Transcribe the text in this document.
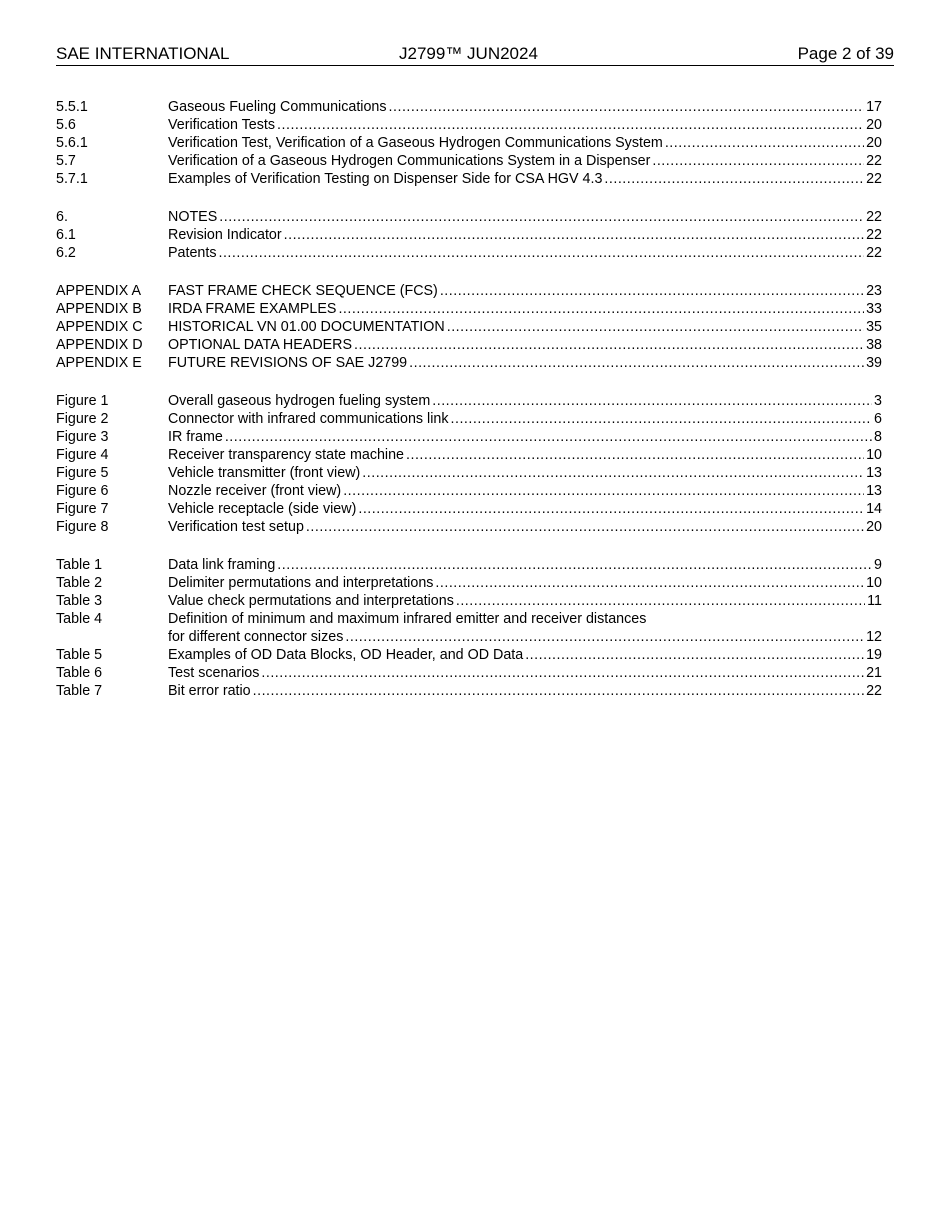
SAE INTERNATIONAL	J2799™ JUN2024	Page 2 of 39
5.5.1	Gaseous Fueling Communications .....	17
5.6	Verification Tests .....	20
5.6.1	Verification Test, Verification of a Gaseous Hydrogen Communications System .....	20
5.7	Verification of a Gaseous Hydrogen Communications System in a Dispenser .....	22
5.7.1	Examples of Verification Testing on Dispenser Side for CSA HGV 4.3 .....	22
6.	NOTES .....	22
6.1	Revision Indicator .....	22
6.2	Patents .....	22
APPENDIX A	FAST FRAME CHECK SEQUENCE (FCS) .....	23
APPENDIX B	IRDA FRAME EXAMPLES .....	33
APPENDIX C	HISTORICAL VN 01.00 DOCUMENTATION .....	35
APPENDIX D	OPTIONAL DATA HEADERS .....	38
APPENDIX E	FUTURE REVISIONS OF SAE J2799 .....	39
Figure 1	Overall gaseous hydrogen fueling system .....	3
Figure 2	Connector with infrared communications link .....	6
Figure 3	IR frame .....	8
Figure 4	Receiver transparency state machine .....	10
Figure 5	Vehicle transmitter (front view) .....	13
Figure 6	Nozzle receiver (front view) .....	13
Figure 7	Vehicle receptacle (side view) .....	14
Figure 8	Verification test setup .....	20
Table 1	Data link framing .....	9
Table 2	Delimiter permutations and interpretations .....	10
Table 3	Value check permutations and interpretations .....	11
Table 4	Definition of minimum and maximum infrared emitter and receiver distances
for different connector sizes .....	12
Table 5	Examples of OD Data Blocks, OD Header, and OD Data .....	19
Table 6	Test scenarios .....	21
Table 7	Bit error ratio .....	22
